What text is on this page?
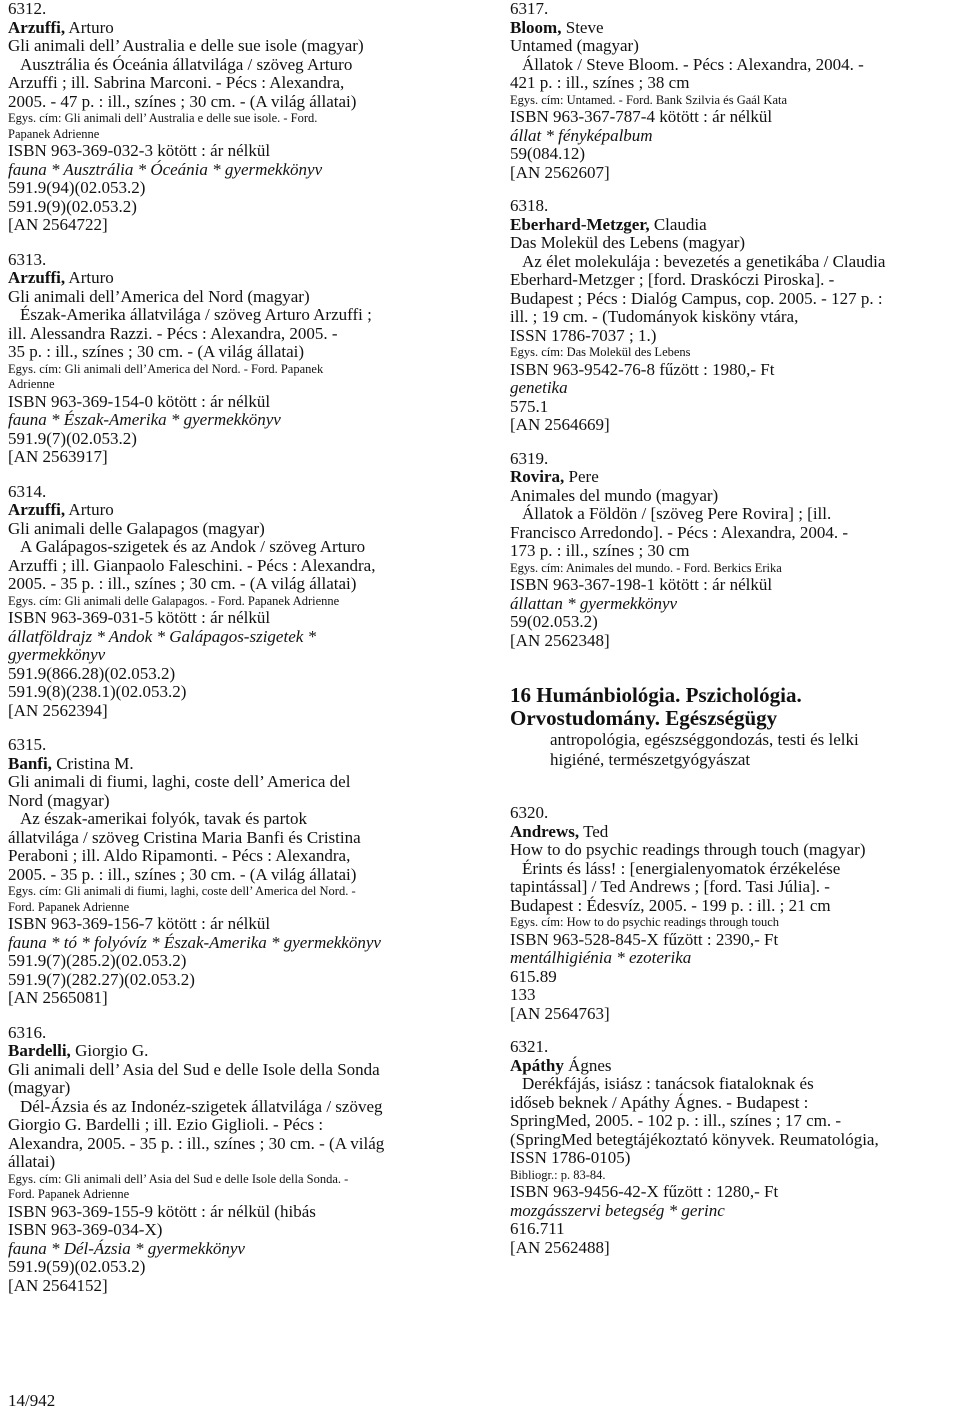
6312.
Arzuffi, Arturo
Gli animali dell’ Australia e delle sue isole (magyar)
Ausztrália és Óceánia állatvilága / szöveg Arturo
Arzuffi ; ill. Sabrina Marconi. - Pécs : Alexandra,
2005. - 47 p. : ill., színes ; 30 cm. - (A világ állatai)
Egys. cím: Gli animali dell’ Australia e delle sue isole. - Ford.
Papanek Adrienne
ISBN 963-369-032-3 kötött : ár nélkül
fauna * Ausztrália * Óceánia * gyermekkönyv
591.9(94)(02.053.2)
591.9(9)(02.053.2)
[AN 2564722]
6313.
Arzuffi, Arturo
Gli animali dell’America del Nord (magyar)
Észak-Amerika állatvilága / szöveg Arturo Arzuffi ;
ill. Alessandra Razzi. - Pécs : Alexandra, 2005. -
35 p. : ill., színes ; 30 cm. - (A világ állatai)
Egys. cím: Gli animali dell’America del Nord. - Ford. Papanek
Adrienne
ISBN 963-369-154-0 kötött : ár nélkül
fauna * Észak-Amerika * gyermekkönyv
591.9(7)(02.053.2)
[AN 2563917]
6314.
Arzuffi, Arturo
Gli animali delle Galapagos (magyar)
A Galápagos-szigetek és az Andok / szöveg Arturo
Arzuffi ; ill. Gianpaolo Faleschini. - Pécs : Alexandra,
2005. - 35 p. : ill., színes ; 30 cm. - (A világ állatai)
Egys. cím: Gli animali delle Galapagos. - Ford. Papanek Adrienne
ISBN 963-369-031-5 kötött : ár nélkül
állatföldrajz * Andok * Galápagos-szigetek *
gyermekkönyv
591.9(866.28)(02.053.2)
591.9(8)(238.1)(02.053.2)
[AN 2562394]
6315.
Banfi, Cristina M.
Gli animali di fiumi, laghi, coste dell’ America del
Nord (magyar)
Az észak-amerikai folyók, tavak és partok
állatvilága / szöveg Cristina Maria Banfi és Cristina
Peraboni ; ill. Aldo Ripamonti. - Pécs : Alexandra,
2005. - 35 p. : ill., színes ; 30 cm. - (A világ állatai)
Egys. cím: Gli animali di fiumi, laghi, coste dell’ America del Nord. -
Ford. Papanek Adrienne
ISBN 963-369-156-7 kötött : ár nélkül
fauna * tó * folyóvíz * Észak-Amerika * gyermekkönyv
591.9(7)(285.2)(02.053.2)
591.9(7)(282.27)(02.053.2)
[AN 2565081]
6316.
Bardelli, Giorgio G.
Gli animali dell’ Asia del Sud e delle Isole della Sonda
(magyar)
Dél-Ázsia és az Indonéz-szigetek állatvilága / szöveg
Giorgio G. Bardelli ; ill. Ezio Giglioli. - Pécs :
Alexandra, 2005. - 35 p. : ill., színes ; 30 cm. - (A világ
állatai)
Egys. cím: Gli animali dell’ Asia del Sud e delle Isole della Sonda. -
Ford. Papanek Adrienne
ISBN 963-369-155-9 kötött : ár nélkül (hibás
ISBN 963-369-034-X)
fauna * Dél-Ázsia * gyermekkönyv
591.9(59)(02.053.2)
[AN 2564152]
6317.
Bloom, Steve
Untamed (magyar)
Állatok / Steve Bloom. - Pécs : Alexandra, 2004. -
421 p. : ill., színes ; 38 cm
Egys. cím: Untamed. - Ford. Bank Szilvia és Gaál Kata
ISBN 963-367-787-4 kötött : ár nélkül
állat * fényképalbum
59(084.12)
[AN 2562607]
6318.
Eberhard-Metzger, Claudia
Das Molekül des Lebens (magyar)
Az élet molekulája : bevezetés a genetikába / Claudia
Eberhard-Metzger ; [ford. Draskóczi Piroska]. -
Budapest ; Pécs : Dialóg Campus, cop. 2005. - 127 p. :
ill. ; 19 cm. - (Tudományok kisköny vtára,
ISSN 1786-7037 ; 1.)
Egys. cím: Das Molekül des Lebens
ISBN 963-9542-76-8 fűzött : 1980,- Ft
genetika
575.1
[AN 2564669]
6319.
Rovira, Pere
Animales del mundo (magyar)
Állatok a Földön / [szöveg Pere Rovira] ; [ill.
Francisco Arredondo]. - Pécs : Alexandra, 2004. -
173 p. : ill., színes ; 30 cm
Egys. cím: Animales del mundo. - Ford. Berkics Erika
ISBN 963-367-198-1 kötött : ár nélkül
állattan * gyermekkönyv
59(02.053.2)
[AN 2562348]
16 Humánbiológia. Pszichológia.
Orvostudomány. Egészségügy
antropológia, egészséggondozás, testi és lelki
higiéné, természetgyógyászat
6320.
Andrews, Ted
How to do psychic readings through touch (magyar)
Érints és láss! : [energialenyomatok érzékelése
tapintással] / Ted Andrews ; [ford. Tasi Júlia]. -
Budapest : Édesvíz, 2005. - 199 p. : ill. ; 21 cm
Egys. cím: How to do psychic readings through touch
ISBN 963-528-845-X fűzött : 2390,- Ft
mentálhigiénia * ezoterika
615.89
133
[AN 2564763]
6321.
Apáthy Ágnes
Derékfájás, isiász : tanácsok fiataloknak és
időseb beknek / Apáthy Ágnes. - Budapest :
SpringMed, 2005. - 102 p. : ill., színes ; 17 cm. -
(SpringMed betegtájékoztató könyvek. Reumatológia,
ISSN 1786-0105)
Bibliogr.: p. 83-84.
ISBN 963-9456-42-X fűzött : 1280,- Ft
mozgásszervi betegség * gerinc
616.711
[AN 2562488]
14/942
